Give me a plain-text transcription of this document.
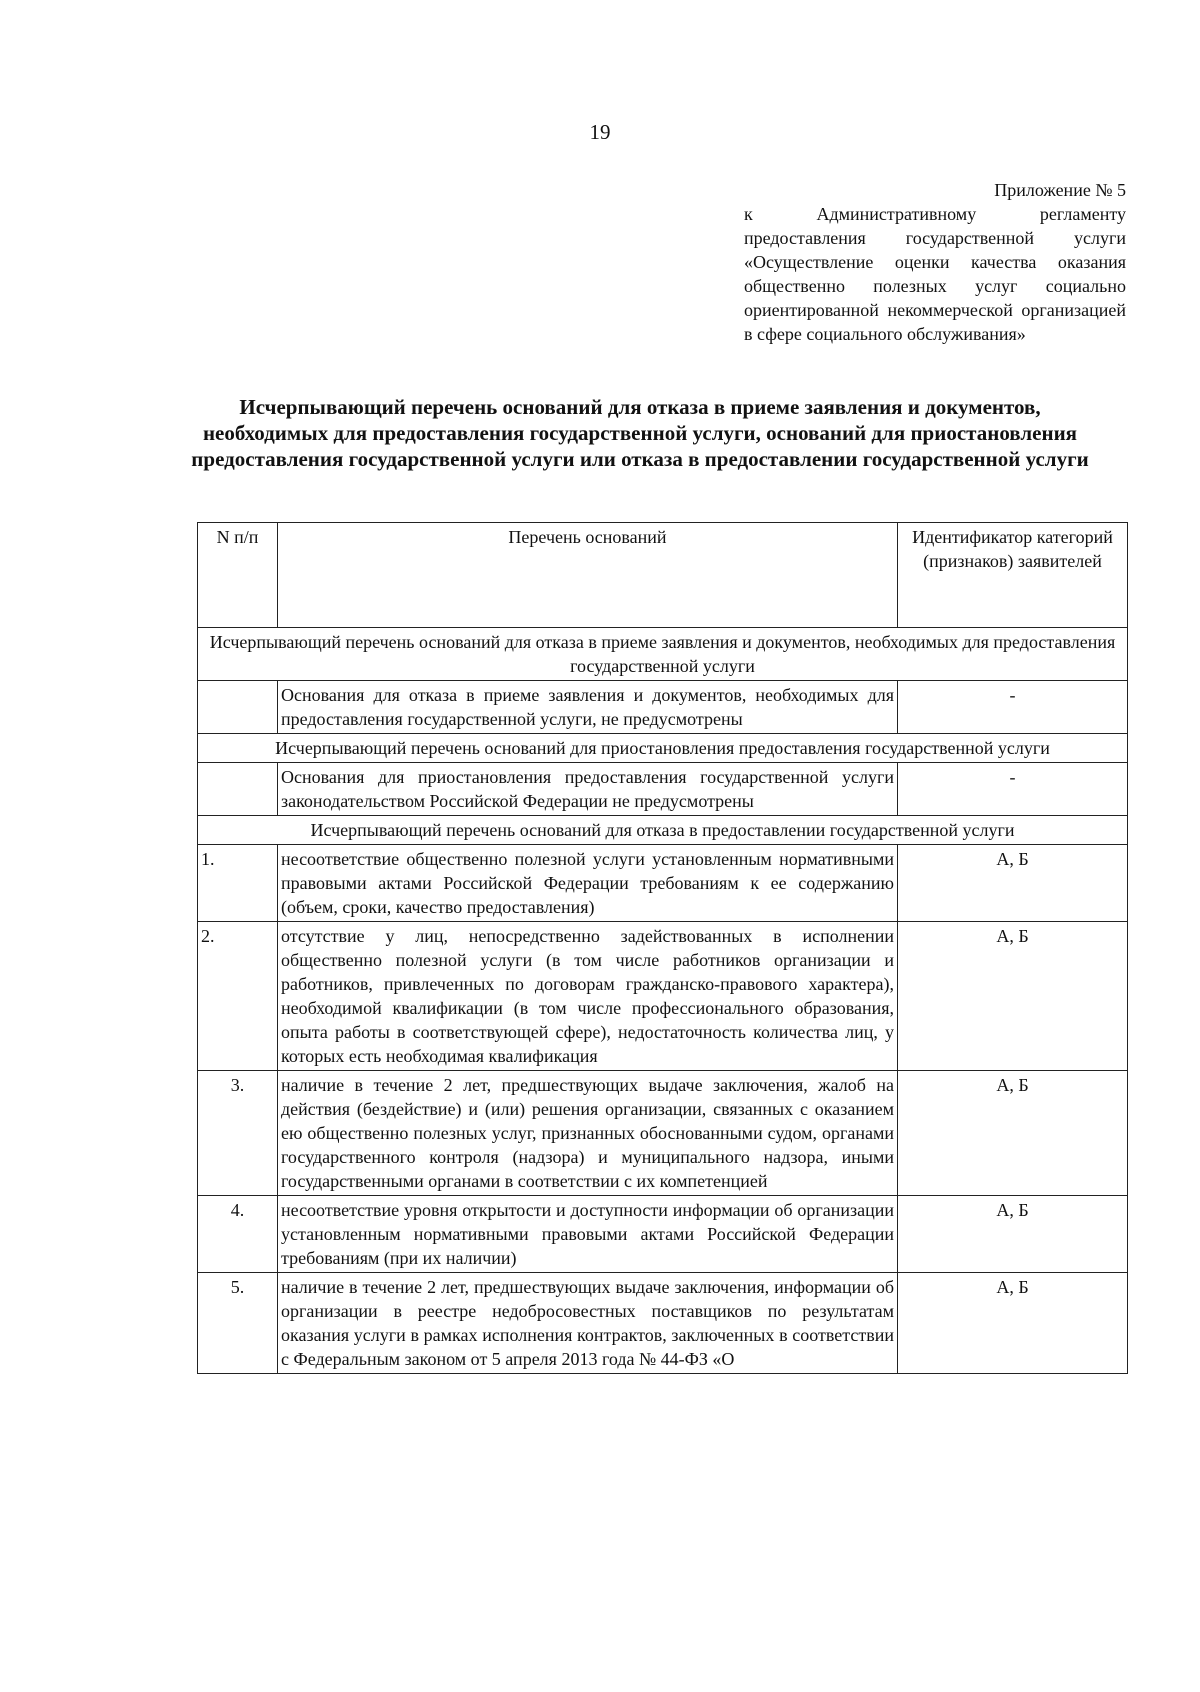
19
Приложение № 5
к Административному регламенту предоставления государственной услуги «Осуществление оценки качества оказания общественно полезных услуг социально ориентированной некоммерческой организацией в сфере социального обслуживания»
Исчерпывающий перечень оснований для отказа в приеме заявления и документов, необходимых для предоставления государственной услуги, оснований для приостановления предоставления государственной услуги или отказа в предоставлении государственной услуги
N п/п	Перечень оснований	Идентификатор категорий (признаков) заявителей
Исчерпывающий перечень оснований для отказа в приеме заявления и документов, необходимых для предоставления государственной услуги		
	Основания для отказа в приеме заявления и документов, необходимых для предоставления государственной услуги, не предусмотрены	-
Исчерпывающий перечень оснований для приостановления предоставления государственной услуги		
	Основания для приостановления предоставления государственной услуги законодательством Российской Федерации не предусмотрены	-
Исчерпывающий перечень оснований для отказа в предоставлении государственной услуги		
1.	несоответствие общественно полезной услуги установленным нормативными правовыми актами Российской Федерации требованиям к ее содержанию (объем, сроки, качество предоставления)	А, Б
2.	отсутствие у лиц, непосредственно задействованных в исполнении общественно полезной услуги (в том числе работников организации и работников, привлеченных по договорам гражданско-правового характера), необходимой квалификации (в том числе профессионального образования, опыта работы в соответствующей сфере), недостаточность количества лиц, у которых есть необходимая квалификация	А, Б
3.	наличие в течение 2 лет, предшествующих выдаче заключения, жалоб на действия (бездействие) и (или) решения организации, связанных с оказанием ею общественно полезных услуг, признанных обоснованными судом, органами государственного контроля (надзора) и муниципального надзора, иными государственными органами в соответствии с их компетенцией	А, Б
4.	несоответствие уровня открытости и доступности информации об организации установленным нормативными правовыми актами Российской Федерации требованиям (при их наличии)	А, Б
5.	наличие в течение 2 лет, предшествующих выдаче заключения, информации об организации в реестре недобросовестных поставщиков по результатам оказания услуги в рамках исполнения контрактов, заключенных в соответствии с Федеральным законом от 5 апреля 2013 года № 44-ФЗ «О	А, Б
